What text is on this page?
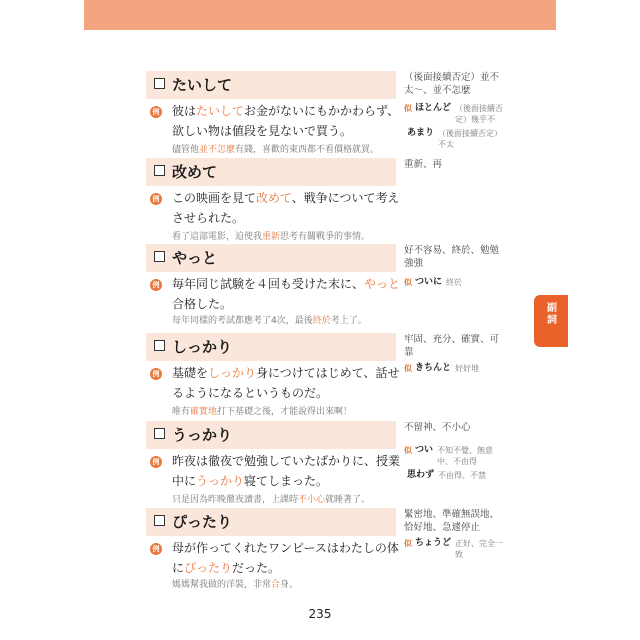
たいして	（後面接續否定）並不太～、並不怎麼
似 ほとんど （後面接續否定）幾乎不
あまり （後面接續否定）不太
例 彼はたいしてお金がないにもかかわらず、欲しい物は値段を見ないで買う。
儘管他並不怎麼有錢，喜歡的東西都不看價格就買。
改めて	重新、再
例 この映画を見て改めて、戦争について考えさせられた。
看了這部電影，迫使我重新思考有關戰爭的事情。
やっと	好不容易、終於、勉勉強強
似 ついに 終於
例 毎年同じ試験を４回も受けた末に、やっと合格した。
每年同樣的考試都應考了4次，最後終於考上了。
しっかり	牢固、充分、確實、可靠
似 きちんと 好好地
例 基礎をしっかり身につけてはじめて、話せるようになるというものだ。
唯有確實地打下基礎之後，才能說得出來啊！
うっかり	不留神、不小心
似 つい 不知不覺、無意中、不由得
思わず 不由得、不禁
例 昨夜は徹夜で勉強していたばかりに、授業中にうっかり寝てしまった。
只是因為昨晚徹夜讀書，上課時不小心就睡著了。
ぴったり	緊密地、準確無誤地、恰好地、急遽停止
似 ちょうど 正好、完全一致
例 母が作ってくれたワンピースはわたしの体にぴったりだった。
媽媽幫我做的洋裝，非常合身。
副詞
235
